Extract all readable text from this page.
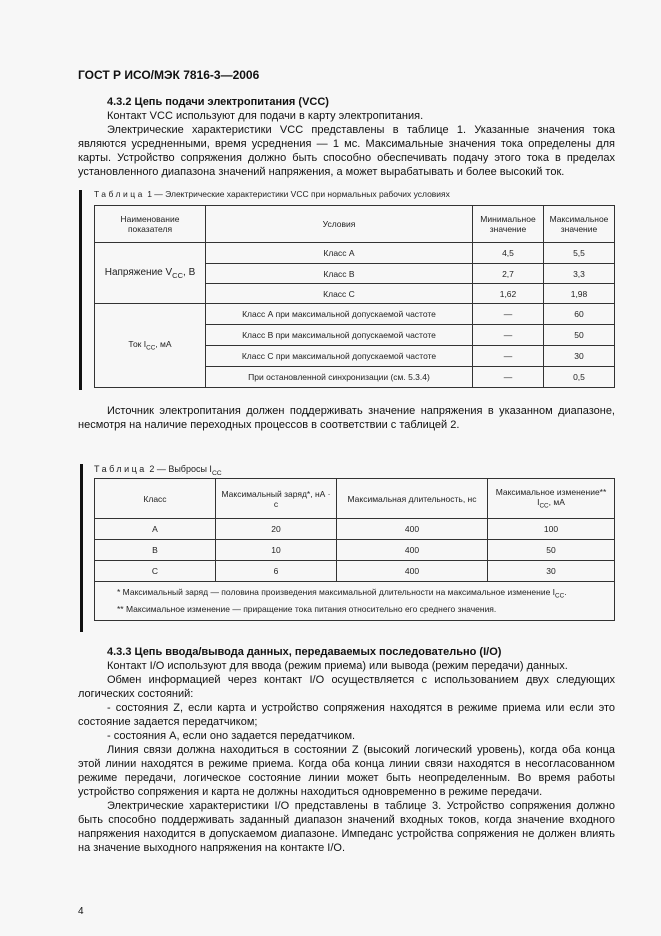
ГОСТ Р ИСО/МЭК 7816-3—2006

4.3.2 Цепь подачи электропитания (VCC)

Контакт VCC используют для подачи в карту электропитания.

Электрические характеристики VCC представлены в таблице 1. Указанные значения тока являются усредненными, время усреднения — 1 мс. Максимальные значения тока определены для карты. Устройство сопряжения должно быть способно обеспечивать подачу этого тока в пределах установленного диапазона значений напряжения, а может вырабатывать и более высокий ток.

Таблица 1 — Электрические характеристики VCC при нормальных рабочих условиях
Наименование показателя	Условия	Минимальное значение	Максимальное значение
Напряжение $V_{CC}$, В	Класс А	4,5	5,5
	Класс В	2,7	3,3
	Класс С	1,62	1,98
Ток $I_{CC}$, мА	Класс А при максимальной допускаемой частоте	—	60
	Класс В при максимальной допускаемой частоте	—	50
	Класс С при максимальной допускаемой частоте	—	30
	При остановленной синхронизации (см. 5.3.4)	—	0,5

Источник электропитания должен поддерживать значение напряжения в указанном диапазоне, несмотря на наличие переходных процессов в соответствии с таблицей 2.

Таблица 2 — Выбросы $I_{CC}$
Класс	Максимальный заряд*, нА · с	Максимальная длительность, нс	Максимальное изменение**
$I_{CC}$, мА
А	20	400	100
В	10	400	50
С	6	400	30

* Максимальный заряд — половина произведения максимальной длительности на максимальное изменение $I_{CC}$.
** Максимальное изменение — приращение тока питания относительно его среднего значения.			

4.3.3 Цепь ввода/вывода данных, передаваемых последовательно (I/O)

Контакт I/O используют для ввода (режим приема) или вывода (режим передачи) данных.

Обмен информацией через контакт I/O осуществляется с использованием двух следующих логических состояний:

- состояния Z, если карта и устройство сопряжения находятся в режиме приема или если это состояние задается передатчиком;

- состояния А, если оно задается передатчиком.

Линия связи должна находиться в состоянии Z (высокий логический уровень), когда оба конца этой линии находятся в режиме приема. Когда оба конца линии связи находятся в несогласованном режиме передачи, логическое состояние линии может быть неопределенным. Во время работы устройство сопряжения и карта не должны находиться одновременно в режиме передачи.

Электрические характеристики I/O представлены в таблице 3. Устройство сопряжения должно быть способно поддерживать заданный диапазон значений входных токов, когда значение входного напряжения находится в допускаемом диапазоне. Импеданс устройства сопряжения не должен влиять на значение выходного напряжения на контакте I/O.

4
